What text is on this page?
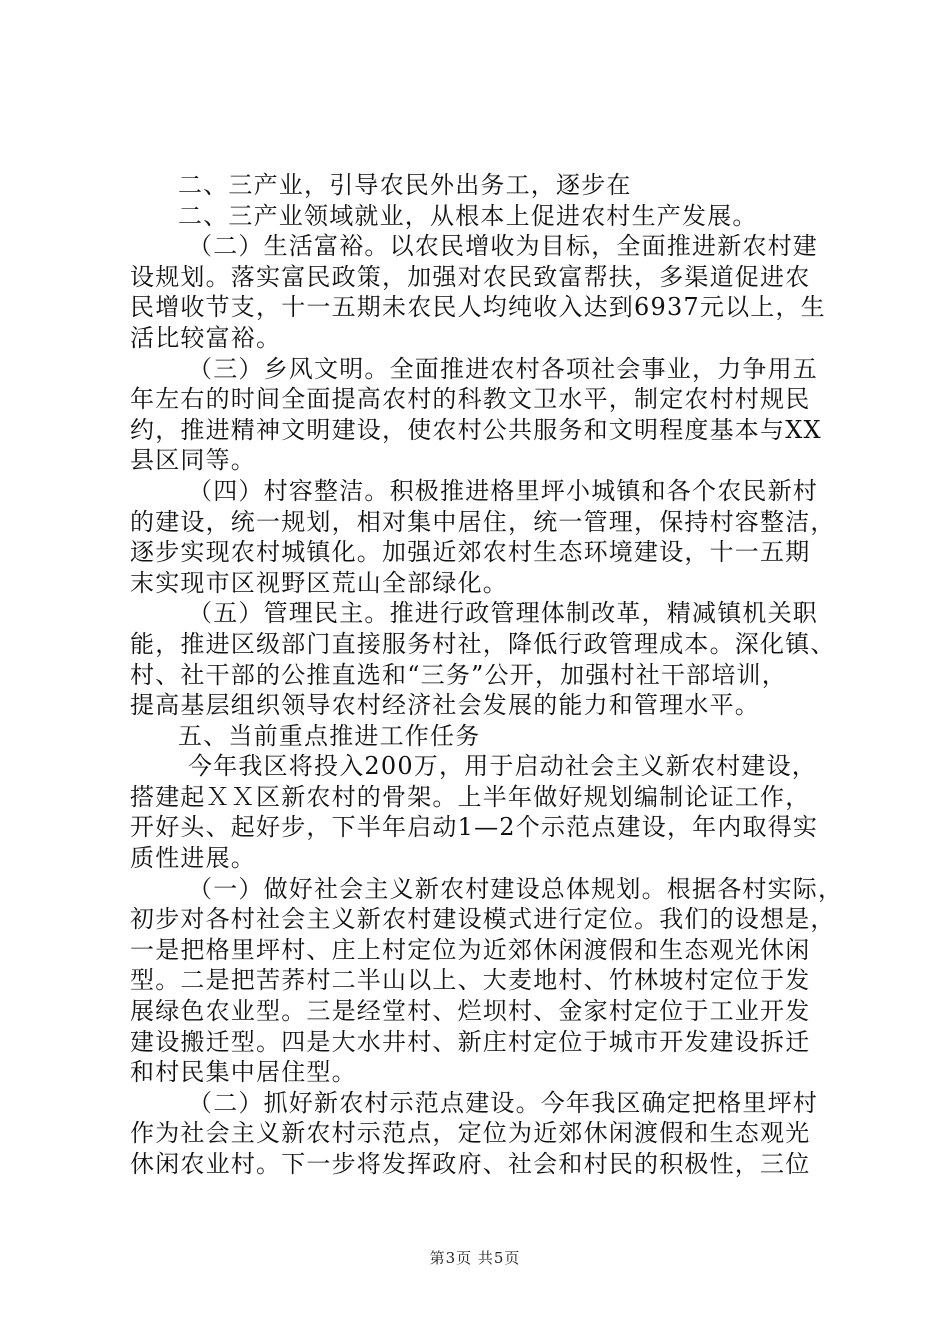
二、三产业，引导农民外出务工，逐步在
二、三产业领域就业，从根本上促进农村生产发展。
（二）生活富裕。以农民增收为目标，全面推进新农村建
设规划。落实富民政策，加强对农民致富帮扶，多渠道促进农
民增收节支，十一五期未农民人均纯收入达到6937元以上，生
活比较富裕。
（三）乡风文明。全面推进农村各项社会事业，力争用五
年左右的时间全面提高农村的科教文卫水平，制定农村村规民
约，推进精神文明建设，使农村公共服务和文明程度基本与XX
县区同等。
（四）村容整洁。积极推进格里坪小城镇和各个农民新村
的建设，统一规划，相对集中居住，统一管理，保持村容整洁，
逐步实现农村城镇化。加强近郊农村生态环境建设，十一五期
末实现市区视野区荒山全部绿化。
（五）管理民主。推进行政管理体制改革，精减镇机关职
能，推进区级部门直接服务村社，降低行政管理成本。深化镇、
村、社干部的公推直选和“三务”公开，加强村社干部培训，
提高基层组织领导农村经济社会发展的能力和管理水平。
五、当前重点推进工作任务
今年我区将投入200万，用于启动社会主义新农村建设，
搭建起ＸＸ区新农村的骨架。上半年做好规划编制论证工作，
开好头、起好步，下半年启动1—2个示范点建设，年内取得实
质性进展。
（一）做好社会主义新农村建设总体规划。根据各村实际，
初步对各村社会主义新农村建设模式进行定位。我们的设想是，
一是把格里坪村、庄上村定位为近郊休闲渡假和生态观光休闲
型。二是把苦荞村二半山以上、大麦地村、竹林坡村定位于发
展绿色农业型。三是经堂村、烂坝村、金家村定位于工业开发
建设搬迁型。四是大水井村、新庄村定位于城市开发建设拆迁
和村民集中居住型。
（二）抓好新农村示范点建设。今年我区确定把格里坪村
作为社会主义新农村示范点，定位为近郊休闲渡假和生态观光
休闲农业村。下一步将发挥政府、社会和村民的积极性，三位
第3页 共5页
